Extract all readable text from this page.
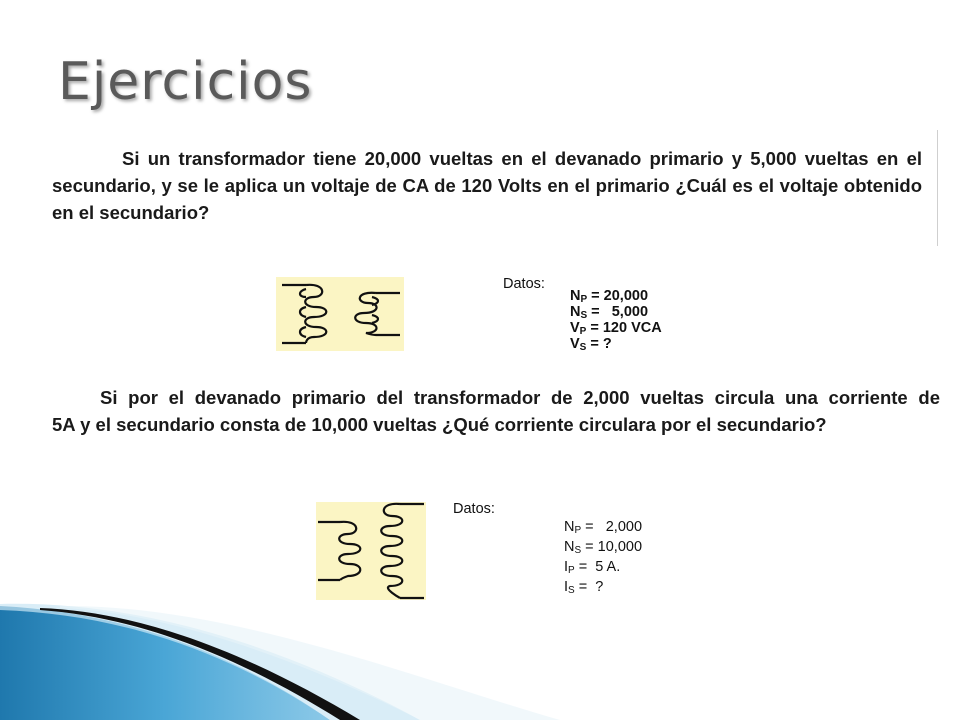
Ejercicios
Si un transformador tiene 20,000 vueltas en el devanado primario y 5,000 vueltas en el
secundario, y se le aplica un voltaje de CA de 120 Volts en el primario ¿Cuál es el voltaje obtenido
en el secundario?
Datos:
$N_P = 20,000$
$N_S = 5,000$
$V_P = 120$ VCA
$V_S$ = ?
Si por el devanado primario del transformador de 2,000 vueltas circula una corriente de
5A y el secundario consta de 10,000 vueltas ¿Qué corriente circulara por el secundario?
Datos:
$N_P = 2,000$
$N_S = 10,000$
$I_P = 5$ A.
$I_S$ =  ?
